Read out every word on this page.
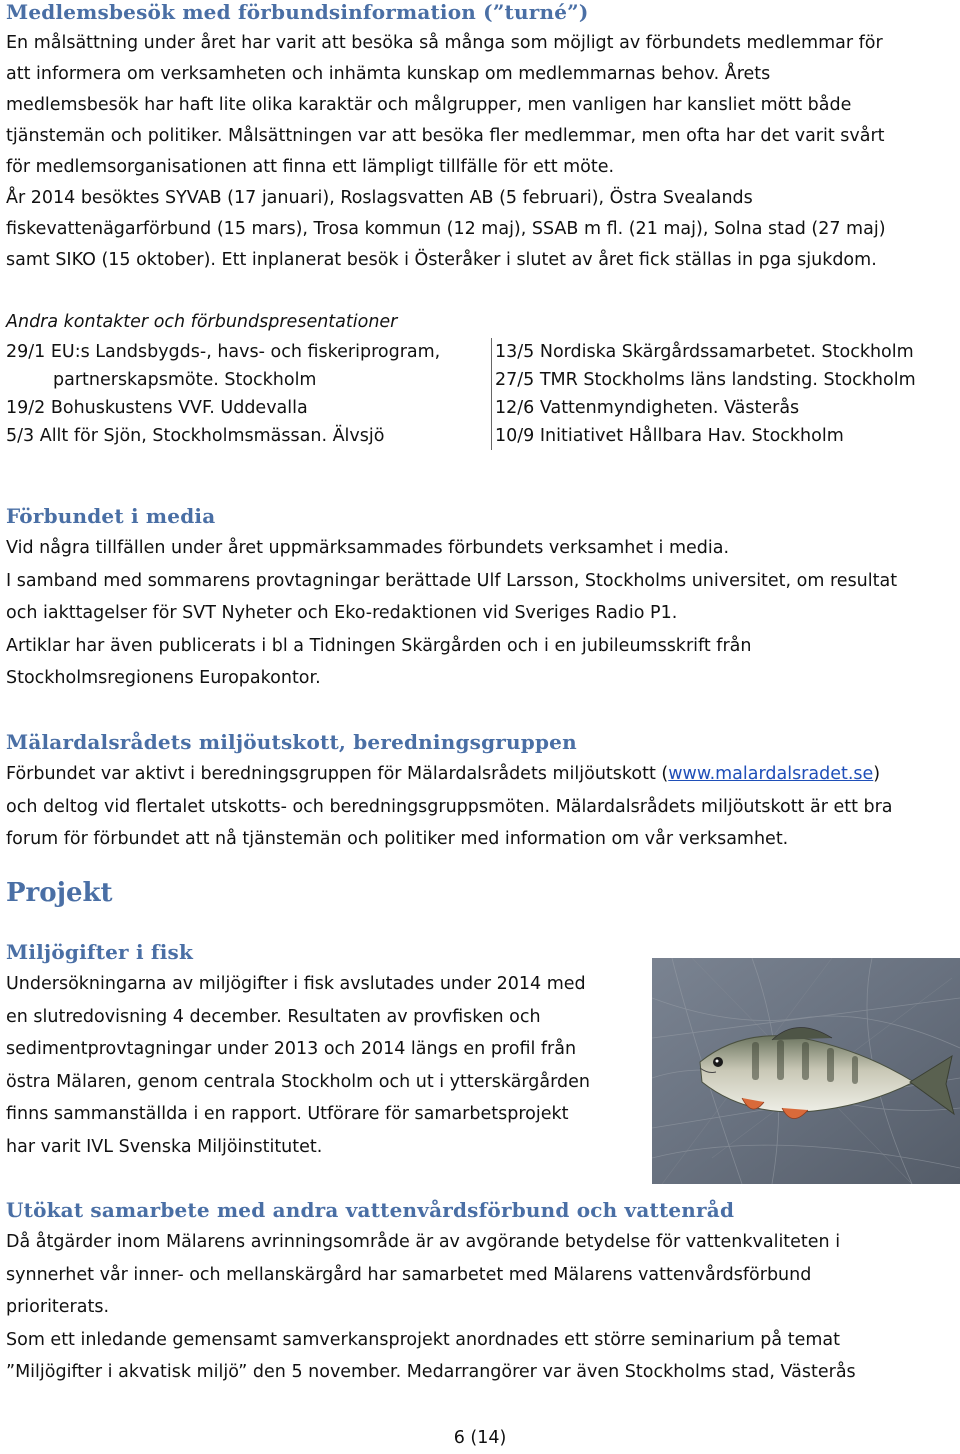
Medlemsbesök med förbundsinformation (”turné”)
En målsättning under året har varit att besöka så många som möjligt av förbundets medlemmar för
att informera om verksamheten och inhämta kunskap om medlemmarnas behov. Årets
medlemsbesök har haft lite olika karaktär och målgrupper, men vanligen har kansliet mött både
tjänstemän och politiker. Målsättningen var att besöka fler medlemmar, men ofta har det varit svårt
för medlemsorganisationen att finna ett lämpligt tillfälle för ett möte.
År 2014 besöktes SYVAB (17 januari), Roslagsvatten AB (5 februari), Östra Svealands
fiskevattenägarförbund (15 mars), Trosa kommun (12 maj), SSAB m fl. (21 maj), Solna stad (27 maj)
samt SIKO (15 oktober). Ett inplanerat besök i Österåker i slutet av året fick ställas in pga sjukdom.
Andra kontakter och förbundspresentationer
29/1 EU:s Landsbygds-, havs- och fiskeriprogram,
partnerskapsmöte. Stockholm
19/2 Bohuskustens VVF. Uddevalla
5/3 Allt för Sjön, Stockholmsmässan. Älvsjö
13/5 Nordiska Skärgårdssamarbetet. Stockholm
27/5 TMR Stockholms läns landsting. Stockholm
12/6 Vattenmyndigheten. Västerås
10/9 Initiativet Hållbara Hav. Stockholm
Förbundet i media
Vid några tillfällen under året uppmärksammades förbundets verksamhet i media.
I samband med sommarens provtagningar berättade Ulf Larsson, Stockholms universitet, om resultat
och iakttagelser för SVT Nyheter och Eko-redaktionen vid Sveriges Radio P1.
Artiklar har även publicerats i bl a Tidningen Skärgården och i en jubileumsskrift från
Stockholmsregionens Europakontor.
Mälardalsrådets miljöutskott, beredningsgruppen
Förbundet var aktivt i beredningsgruppen för Mälardalsrådets miljöutskott (www.malardalsradet.se)
och deltog vid flertalet utskotts- och beredningsgruppsmöten. Mälardalsrådets miljöutskott är ett bra
forum för förbundet att nå tjänstemän och politiker med information om vår verksamhet.
Projekt
Miljögifter i fisk
Undersökningarna av miljögifter i fisk avslutades under 2014 med
en slutredovisning 4 december. Resultaten av provfisken och
sedimentprovtagningar under 2013 och 2014 längs en profil från
östra Mälaren, genom centrala Stockholm och ut i ytterskärgården
finns sammanställda i en rapport. Utförare för samarbetsprojekt
har varit IVL Svenska Miljöinstitutet.
Utökat samarbete med andra vattenvårdsförbund och vattenråd
Då åtgärder inom Mälarens avrinningsområde är av avgörande betydelse för vattenkvaliteten i
synnerhet vår inner- och mellanskärgård har samarbetet med Mälarens vattenvårdsförbund
prioriterats.
Som ett inledande gemensamt samverkansprojekt anordnades ett större seminarium på temat
”Miljögifter i akvatisk miljö” den 5 november. Medarrangörer var även Stockholms stad, Västerås
6 (14)
